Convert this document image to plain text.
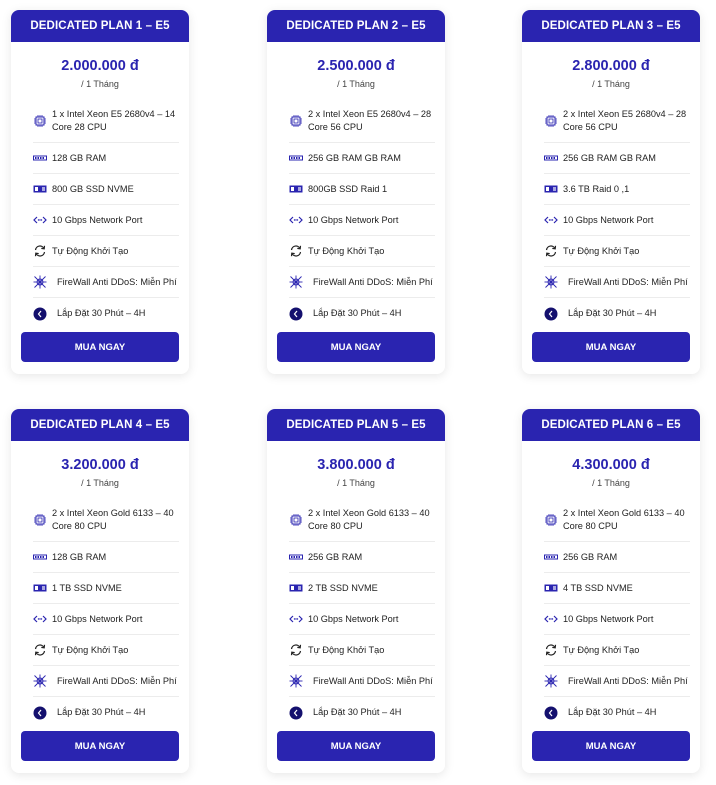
DEDICATED PLAN 1 – E5
2.000.000 đ
/ 1 Tháng
1 x Intel Xeon E5 2680v4 – 14 Core 28 CPU
128 GB RAM
800 GB SSD NVME
10 Gbps Network Port
Tự Động Khởi Tạo
FireWall Anti DDoS: Miễn Phí
Lắp Đặt 30 Phút – 4H
MUA NGAY
DEDICATED PLAN 2 – E5
2.500.000 đ
/ 1 Tháng
2 x Intel Xeon E5 2680v4 – 28 Core 56 CPU
256 GB RAM GB RAM
800GB SSD Raid 1
10 Gbps Network Port
Tự Động Khởi Tạo
FireWall Anti DDoS: Miễn Phí
Lắp Đặt 30 Phút – 4H
MUA NGAY
DEDICATED PLAN 3 – E5
2.800.000 đ
/ 1 Tháng
2 x Intel Xeon E5 2680v4 – 28 Core 56 CPU
256 GB RAM GB RAM
3.6 TB Raid 0 ,1
10 Gbps Network Port
Tự Động Khởi Tạo
FireWall Anti DDoS: Miễn Phí
Lắp Đặt 30 Phút – 4H
MUA NGAY
DEDICATED PLAN 4 – E5
3.200.000 đ
/ 1 Tháng
2 x Intel Xeon Gold 6133 – 40 Core 80 CPU
128 GB RAM
1 TB SSD NVME
10 Gbps Network Port
Tự Động Khởi Tạo
FireWall Anti DDoS: Miễn Phí
Lắp Đặt 30 Phút – 4H
MUA NGAY
DEDICATED PLAN 5 – E5
3.800.000 đ
/ 1 Tháng
2 x Intel Xeon Gold 6133 – 40 Core 80 CPU
256 GB RAM
2 TB SSD NVME
10 Gbps Network Port
Tự Động Khởi Tạo
FireWall Anti DDoS: Miễn Phí
Lắp Đặt 30 Phút – 4H
MUA NGAY
DEDICATED PLAN 6 – E5
4.300.000 đ
/ 1 Tháng
2 x Intel Xeon Gold 6133 – 40 Core 80 CPU
256 GB RAM
4 TB SSD NVME
10 Gbps Network Port
Tự Động Khởi Tạo
FireWall Anti DDoS: Miễn Phí
Lắp Đặt 30 Phút – 4H
MUA NGAY
